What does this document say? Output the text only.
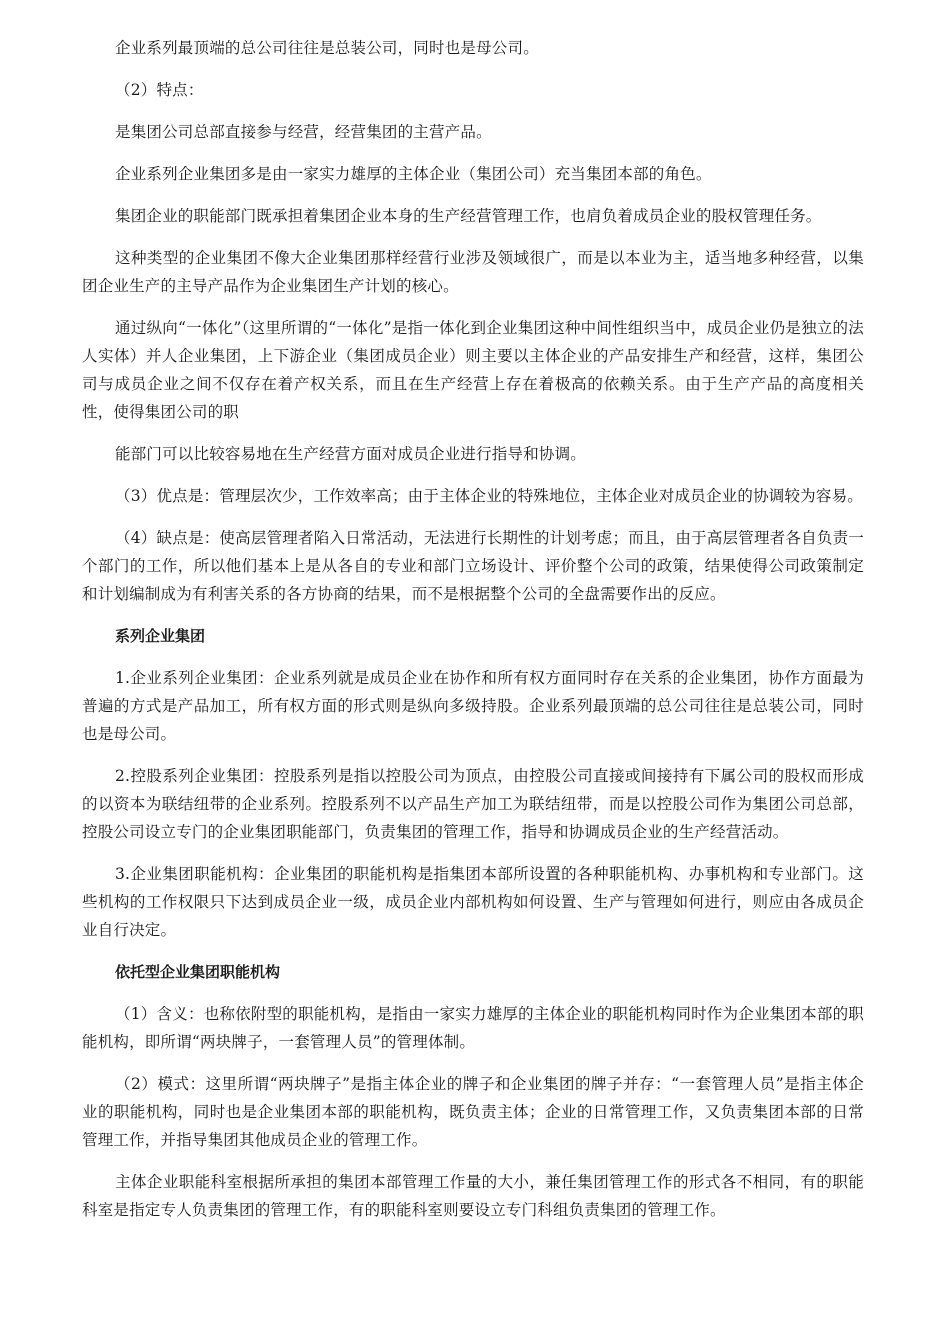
企业系列最顶端的总公司往往是总装公司，同时也是母公司。

（2）特点：

是集团公司总部直接参与经营，经营集团的主营产品。

企业系列企业集团多是由一家实力雄厚的主体企业（集团公司）充当集团本部的角色。

集团企业的职能部门既承担着集团企业本身的生产经营管理工作，也肩负着成员企业的股权管理任务。

这种类型的企业集团不像大企业集团那样经营行业涉及领域很广，而是以本业为主，适当地多种经营，以集团企业生产的主导产品作为企业集团生产计划的核心。

通过纵向“一体化”（这里所谓的“一体化”是指一体化到企业集团这种中间性组织当中，成员企业仍是独立的法人实体）并人企业集团，上下游企业（集团成员企业）则主要以主体企业的产品安排生产和经营，这样，集团公司与成员企业之间不仅存在着产权关系，而且在生产经营上存在着极高的依赖关系。由于生产产品的高度相关性，使得集团公司的职

能部门可以比较容易地在生产经营方面对成员企业进行指导和协调。

（3）优点是：管理层次少，工作效率高；由于主体企业的特殊地位，主体企业对成员企业的协调较为容易。

（4）缺点是：使高层管理者陷入日常活动，无法进行长期性的计划考虑；而且，由于高层管理者各自负责一个部门的工作，所以他们基本上是从各自的专业和部门立场设计、评价整个公司的政策，结果使得公司政策制定和计划编制成为有利害关系的各方协商的结果，而不是根据整个公司的全盘需要作出的反应。

系列企业集团

1.企业系列企业集团：企业系列就是成员企业在协作和所有权方面同时存在关系的企业集团，协作方面最为普遍的方式是产品加工，所有权方面的形式则是纵向多级持股。企业系列最顶端的总公司往往是总装公司，同时也是母公司。

2.控股系列企业集团：控股系列是指以控股公司为顶点，由控股公司直接或间接持有下属公司的股权而形成的以资本为联结纽带的企业系列。控股系列不以产品生产加工为联结纽带，而是以控股公司作为集团公司总部，控股公司设立专门的企业集团职能部门，负责集团的管理工作，指导和协调成员企业的生产经营活动。

3.企业集团职能机构：企业集团的职能机构是指集团本部所设置的各种职能机构、办事机构和专业部门。这些机构的工作权限只下达到成员企业一级，成员企业内部机构如何设置、生产与管理如何进行，则应由各成员企业自行决定。

依托型企业集团职能机构

（1）含义：也称依附型的职能机构，是指由一家实力雄厚的主体企业的职能机构同时作为企业集团本部的职能机构，即所谓“两块牌子，一套管理人员”的管理体制。

（2）模式：这里所谓“两块牌子”是指主体企业的牌子和企业集团的牌子并存：“一套管理人员”是指主体企业的职能机构，同时也是企业集团本部的职能机构，既负责主体；企业的日常管理工作，又负责集团本部的日常管理工作，并指导集团其他成员企业的管理工作。

主体企业职能科室根据所承担的集团本部管理工作量的大小，兼任集团管理工作的形式各不相同，有的职能科室是指定专人负责集团的管理工作，有的职能科室则要设立专门科组负责集团的管理工作。
